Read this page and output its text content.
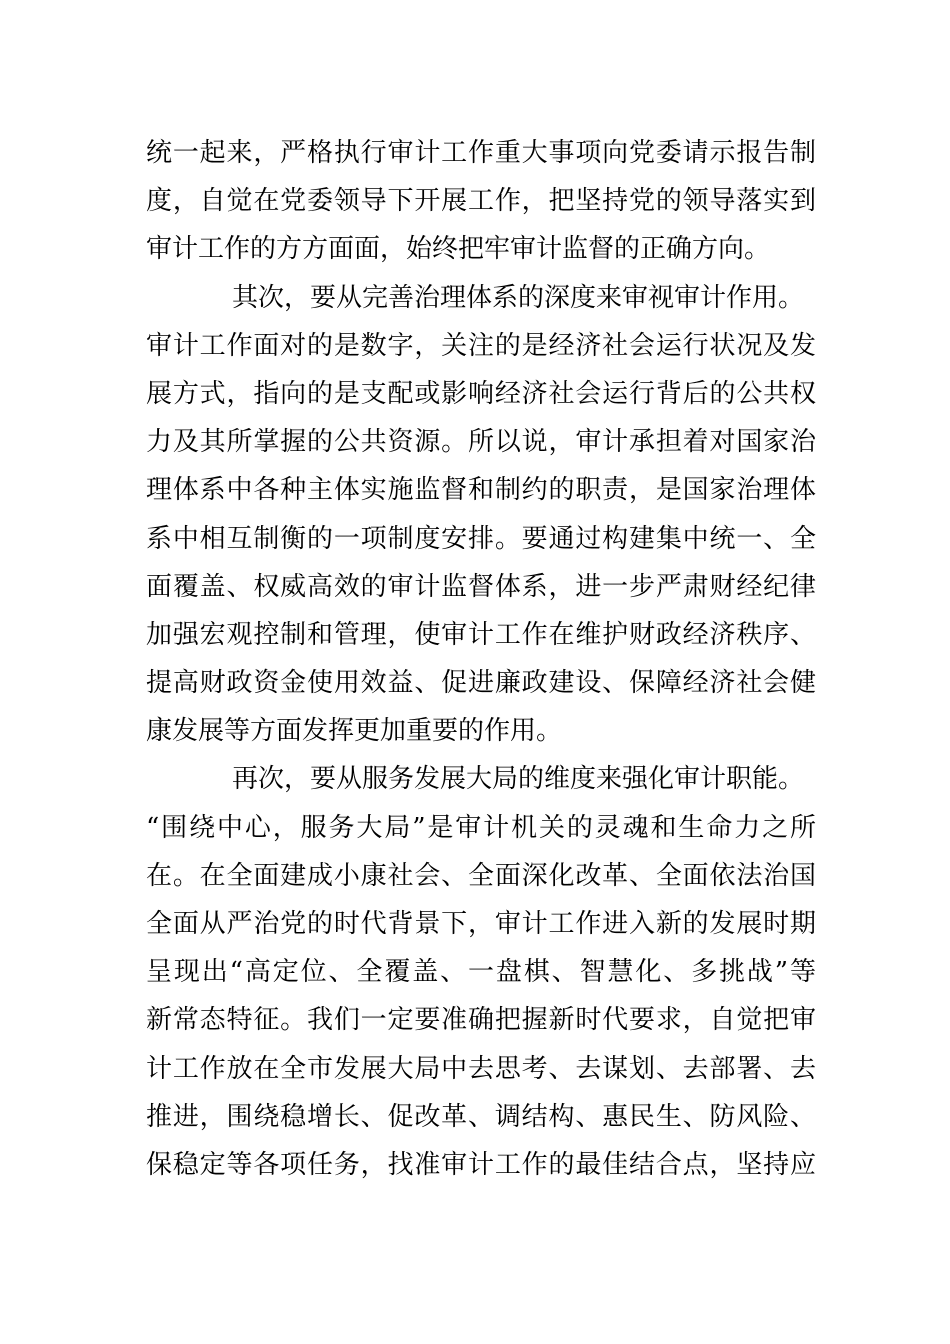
统一起来，严格执行审计工作重大事项向党委请示报告制
度，自觉在党委领导下开展工作，把坚持党的领导落实到
审计工作的方方面面，始终把牢审计监督的正确方向。
其次，要从完善治理体系的深度来审视审计作用。
审计工作面对的是数字，关注的是经济社会运行状况及发
展方式，指向的是支配或影响经济社会运行背后的公共权
力及其所掌握的公共资源。所以说，审计承担着对国家治
理体系中各种主体实施监督和制约的职责，是国家治理体
系中相互制衡的一项制度安排。要通过构建集中统一、全
面覆盖、权威高效的审计监督体系，进一步严肃财经纪律
加强宏观控制和管理，使审计工作在维护财政经济秩序、
提高财政资金使用效益、促进廉政建设、保障经济社会健
康发展等方面发挥更加重要的作用。
再次，要从服务发展大局的维度来强化审计职能。
“围绕中心，服务大局”是审计机关的灵魂和生命力之所
在。在全面建成小康社会、全面深化改革、全面依法治国
全面从严治党的时代背景下，审计工作进入新的发展时期
呈现出“高定位、全覆盖、一盘棋、智慧化、多挑战”等
新常态特征。我们一定要准确把握新时代要求，自觉把审
计工作放在全市发展大局中去思考、去谋划、去部署、去
推进，围绕稳增长、促改革、调结构、惠民生、防风险、
保稳定等各项任务，找准审计工作的最佳结合点，坚持应
